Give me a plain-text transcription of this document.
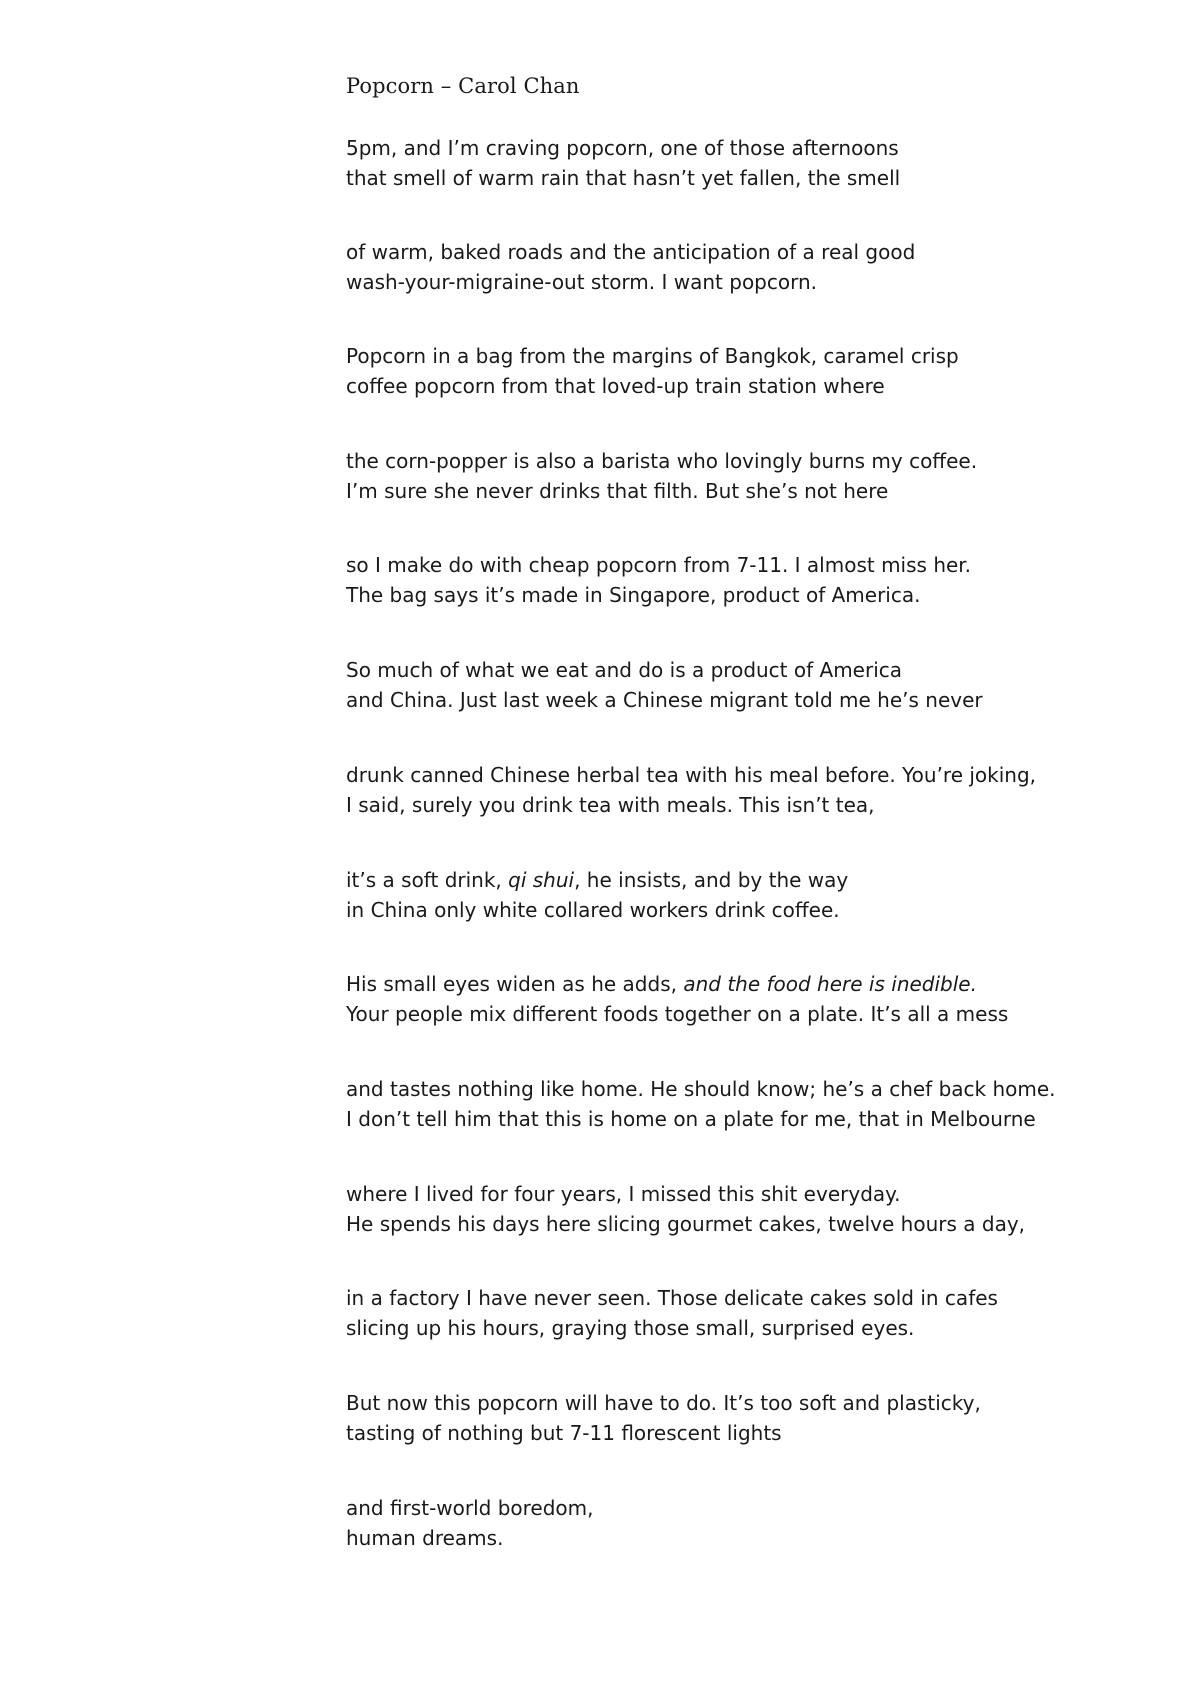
Popcorn – Carol Chan
5pm, and I’m craving popcorn, one of those afternoons
that smell of warm rain that hasn’t yet fallen, the smell
of warm, baked roads and the anticipation of a real good
wash-your-migraine-out storm. I want popcorn.
Popcorn in a bag from the margins of Bangkok, caramel crisp
coffee popcorn from that loved-up train station where
the corn-popper is also a barista who lovingly burns my coffee.
I’m sure she never drinks that filth. But she’s not here
so I make do with cheap popcorn from 7-11. I almost miss her.
The bag says it’s made in Singapore, product of America.
So much of what we eat and do is a product of America
and China. Just last week a Chinese migrant told me he’s never
drunk canned Chinese herbal tea with his meal before. You’re joking,
I said, surely you drink tea with meals. This isn’t tea,
it’s a soft drink, qi shui, he insists, and by the way
in China only white collared workers drink coffee.
His small eyes widen as he adds, and the food here is inedible.
Your people mix different foods together on a plate. It’s all a mess
and tastes nothing like home. He should know; he’s a chef back home.
I don’t tell him that this is home on a plate for me, that in Melbourne
where I lived for four years, I missed this shit everyday.
He spends his days here slicing gourmet cakes, twelve hours a day,
in a factory I have never seen. Those delicate cakes sold in cafes
slicing up his hours, graying those small, surprised eyes.
But now this popcorn will have to do. It’s too soft and plasticky,
tasting of nothing but 7-11 florescent lights
and first-world boredom,
human dreams.
